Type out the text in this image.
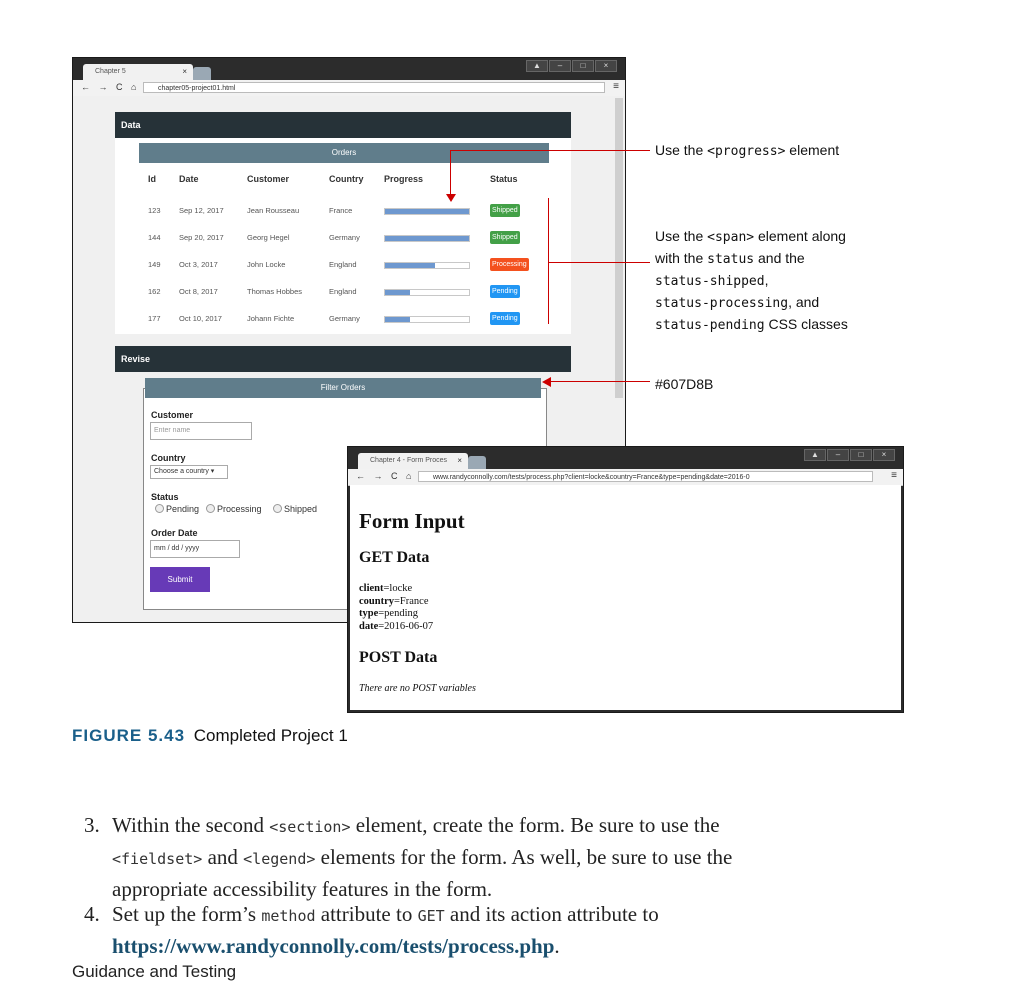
Chapter 5	×
▲	–	□	×
← → C ⌂	chapter05-project01.html	≡
Data
Orders
Id	Date	Customer	Country Progress	Status
123 Sep 12, 2017	Jean Rousseau	France	Shipped
144 Sep 20, 2017	Georg Hegel	Germany	Shipped
149 Oct 3, 2017	John Locke	England	Processing
162 Oct 8, 2017	Thomas Hobbes	England	Pending
177 Oct 10, 2017	Johann Fichte	Germany	Pending
Revise
Filter Orders
Customer
Enter name
Country
Choose a country ▾
Status
Pending	Processing	Shipped
Order Date
mm / dd / yyyy
Submit
Use the <progress> element
Use the <span> element along
with the status and the
status-shipped,
status-processing, and
status-pending CSS classes
#607D8B
Chapter 4 - Form Proces ×
▲	–	□	×
← → C ⌂	www.randyconnolly.com/tests/process.php?client=locke&country=France&type=pending&date=2016-0	≡
Form Input
GET Data
client=locke
country=France
type=pending
date=2016-06-07
POST Data
There are no POST variables
FIGURE 5.43 Completed Project 1
3. Within the second <section> element, create the form. Be sure to use the
<fieldset> and <legend> elements for the form. As well, be sure to use the
appropriate accessibility features in the form.
4. Set up the form’s method attribute to GET and its action attribute to
https://www.randyconnolly.com/tests/process.php.
Guidance and Testing
